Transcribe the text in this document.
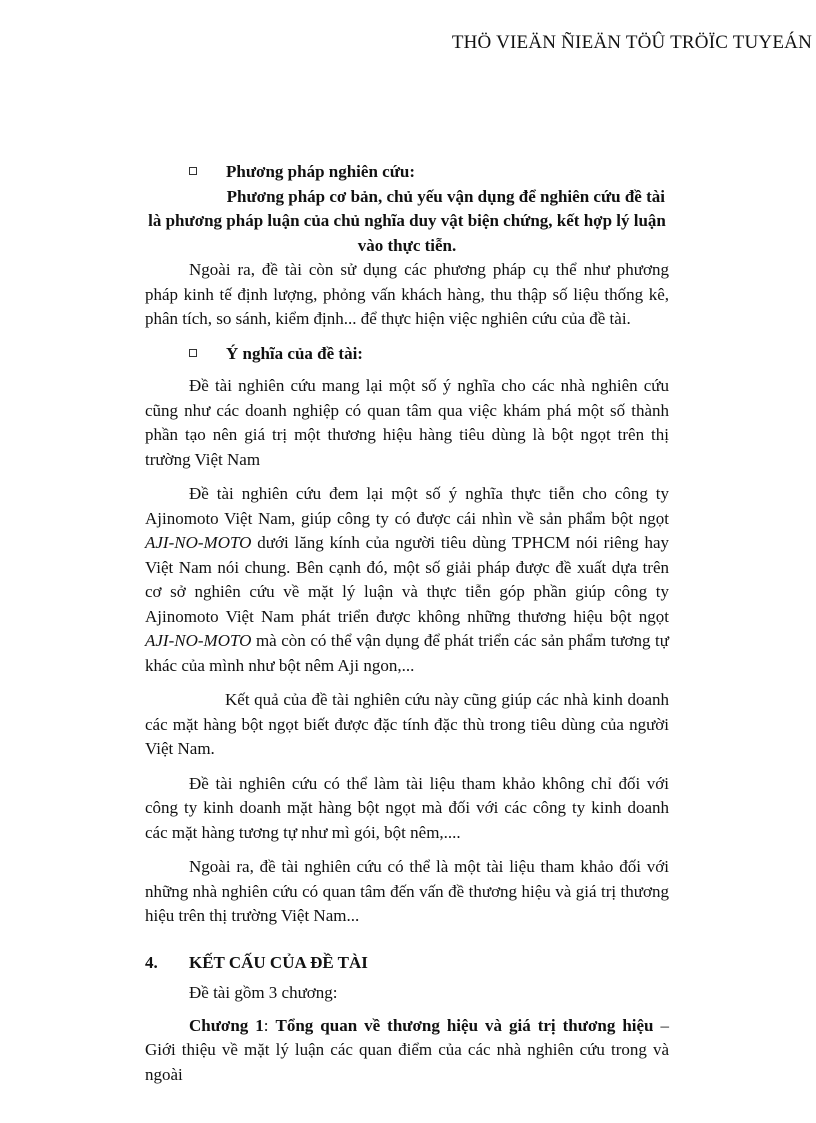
THÖ VIEÄN ÑIEÄN TÖÛ TRÖÏC TUYEÁN
Phương pháp nghiên cứu:
Phương pháp cơ bản, chủ yếu vận dụng để nghiên cứu đề tài
là phương pháp luận của chủ nghĩa duy vật biện chứng, kết hợp lý luận vào thực tiễn.

Ngoài ra, đề tài còn sử dụng các phương pháp cụ thể như phương pháp kinh tế định lượng, phỏng vấn khách hàng, thu thập số liệu thống kê, phân tích, so sánh, kiểm định... để thực hiện việc nghiên cứu của đề tài.

Ý nghĩa của đề tài:

Đề tài nghiên cứu mang lại một số ý nghĩa cho các nhà nghiên cứu cũng như các doanh nghiệp có quan tâm qua việc khám phá một số thành phần tạo nên giá trị một thương hiệu hàng tiêu dùng là bột ngọt trên thị trường Việt Nam

Đề tài nghiên cứu đem lại một số ý nghĩa thực tiễn cho công ty Ajinomoto Việt Nam, giúp công ty có được cái nhìn về sản phẩm bột ngọt AJI-NO-MOTO dưới lăng kính của người tiêu dùng TPHCM nói riêng hay Việt Nam nói chung. Bên cạnh đó, một số giải pháp được đề xuất dựa trên cơ sở nghiên cứu về mặt lý luận và thực tiễn góp phần giúp công ty Ajinomoto Việt Nam phát triển được không những thương hiệu bột ngọt AJI-NO-MOTO mà còn có thể vận dụng để phát triển các sản phẩm tương tự khác của mình như bột nêm Aji ngon,...

Kết quả của đề tài nghiên cứu này cũng giúp các nhà kinh doanh các mặt hàng bột ngọt biết được đặc tính đặc thù trong tiêu dùng của người Việt Nam.

Đề tài nghiên cứu có thể làm tài liệu tham khảo không chỉ đối với công ty kinh doanh mặt hàng bột ngọt mà đối với các công ty kinh doanh các mặt hàng tương tự như mì gói, bột nêm,....

Ngoài ra, đề tài nghiên cứu có thể là một tài liệu tham khảo đối với những nhà nghiên cứu có quan tâm đến vấn đề thương hiệu và giá trị thương hiệu trên thị trường Việt Nam...

4.	KẾT CẤU CỦA ĐỀ TÀI

Đề tài gồm 3 chương:

Chương 1: Tổng quan về thương hiệu và giá trị thương hiệu – Giới thiệu về mặt lý luận các quan điểm của các nhà nghiên cứu trong và ngoài
